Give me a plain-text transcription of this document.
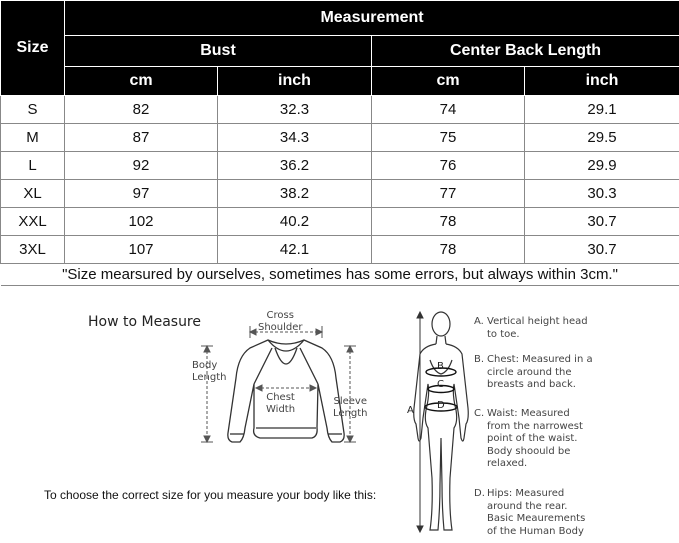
Size	Measurement			
	Bust		Center Back Length	
	cm	inch	cm	inch
S	82	32.3	74	29.1
M	87	34.3	75	29.5
L	92	36.2	76	29.9
XL	97	38.2	77	30.3
XXL	102	40.2	78	30.7
3XL	107	42.1	78	30.7
"Size mearsured by ourselves, sometimes has some errors, but always within 3cm."				
How to Measure	Cross
Shoulder
Body
Length
Chest
Width
Sleeve
Length
To choose the correct size for you measure your body like this:
A
B
C
D
A. Vertical height head
to toe.
B. Chest: Measured in a
circle around the
breasts and back.
C. Waist: Measured
from the narrowest
point of the waist.
Body shoould be
relaxed.
D. Hips: Measured
around the rear.
Basic Meaurements
of the Human Body
